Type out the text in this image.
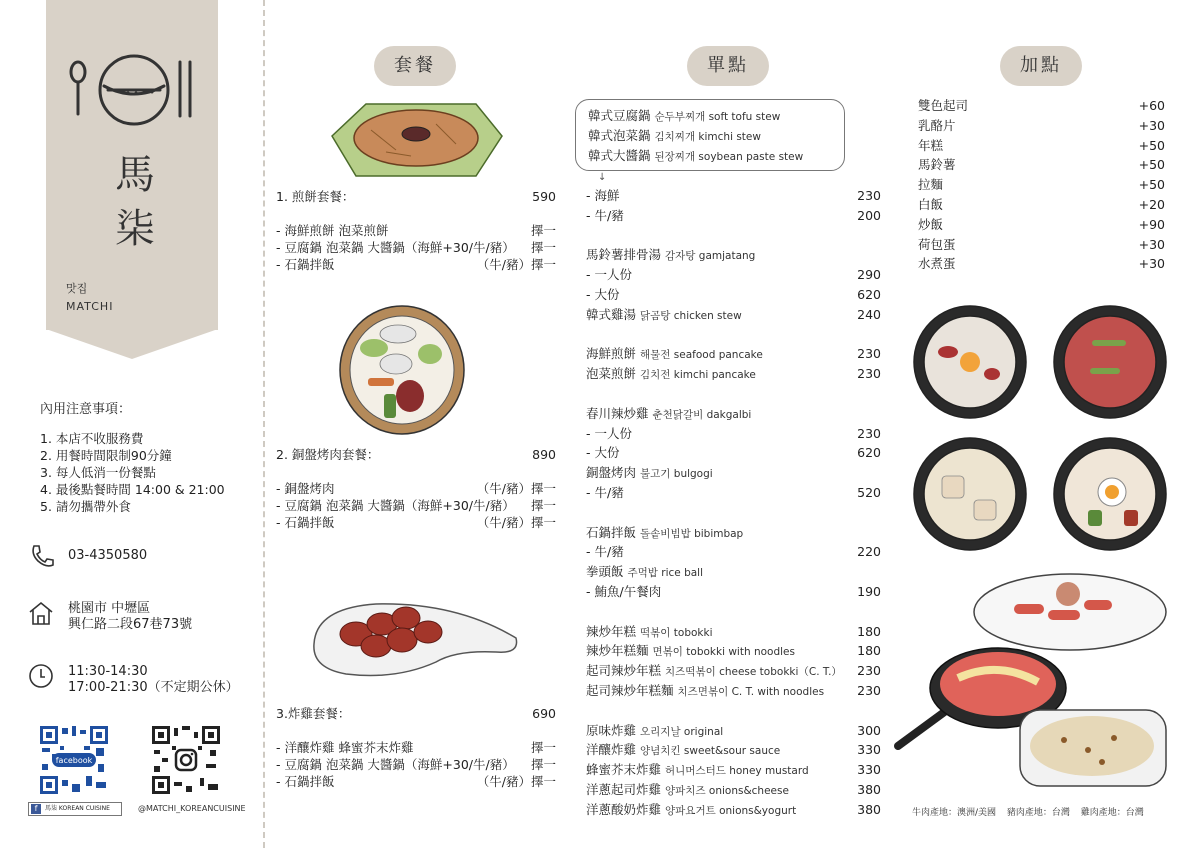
馬柒
맛집
MATCHI
內用注意事項：
1. 本店不收服務費
2. 用餐時間限制90分鐘
3. 每人低消一份餐點
4. 最後點餐時間 14:00 & 21:00
5. 請勿攜帶外食
03-4350580
桃園市 中壢區
興仁路二段67巷73號
11:30-14:30
17:00-21:30（不定期公休）
facebook
f	馬柒 KOREAN CUISINE	@MATCHI_KOREANCUISINE
套餐	單點	加點
1. 煎餅套餐：	590
- 海鮮煎餅 泡菜煎餅	擇一
- 豆腐鍋 泡菜鍋 大醬鍋（海鮮+30/牛/豬） 擇一
- 石鍋拌飯	（牛/豬）擇一
2. 銅盤烤肉套餐：	890
- 銅盤烤肉	（牛/豬）擇一
- 豆腐鍋 泡菜鍋 大醬鍋（海鮮+30/牛/豬） 擇一
- 石鍋拌飯	（牛/豬）擇一
3.炸雞套餐：	690
- 洋釀炸雞 蜂蜜芥末炸雞	擇一
- 豆腐鍋 泡菜鍋 大醬鍋（海鮮+30/牛/豬） 擇一
- 石鍋拌飯	（牛/豬）擇一
韓式豆腐鍋 순두부찌개 soft tofu stew
韓式泡菜鍋 김치찌개 kimchi stew
韓式大醬鍋 된장찌개 soybean paste stew
↓
- 海鮮	230
- 牛/豬	200
馬鈴薯排骨湯 감자탕 gamjatang
- 一人份	290
- 大份	620
韓式雞湯 닭곰탕 chicken stew	240
海鮮煎餅 해물전 seafood pancake	230
泡菜煎餅 김치전 kimchi pancake	230
春川辣炒雞 춘천닭갈비 dakgalbi
- 一人份	230
- 大份	620
銅盤烤肉 불고기 bulgogi
- 牛/豬	520
石鍋拌飯 돌솥비빔밥 bibimbap
- 牛/豬	220
拳頭飯 주먹밥 rice ball
- 鮪魚/午餐肉	190
辣炒年糕 떡볶이 tobokki	180
辣炒年糕麵 면볶이 tobokki with noodles	180
起司辣炒年糕 치즈떡볶이 cheese tobokki（C. T.） 230
起司辣炒年糕麵 치즈면볶이 C. T. with noodles	230
原味炸雞 오리지날 original	300
洋釀炸雞 양념치킨 sweet&sour sauce	330
蜂蜜芥末炸雞 허니머스터드 honey mustard	330
洋蔥起司炸雞 양파치즈 onions&cheese	380
洋蔥酸奶炸雞 양파요거트 onions&yogurt	380
雙色起司	+60
乳酪片	+30
年糕	+50
馬鈴薯	+50
拉麵	+50
白飯	+20
炒飯	+90
荷包蛋	+30
水煮蛋	+30
牛肉產地：澳洲/美國 豬肉產地：台灣 雞肉產地：台灣
